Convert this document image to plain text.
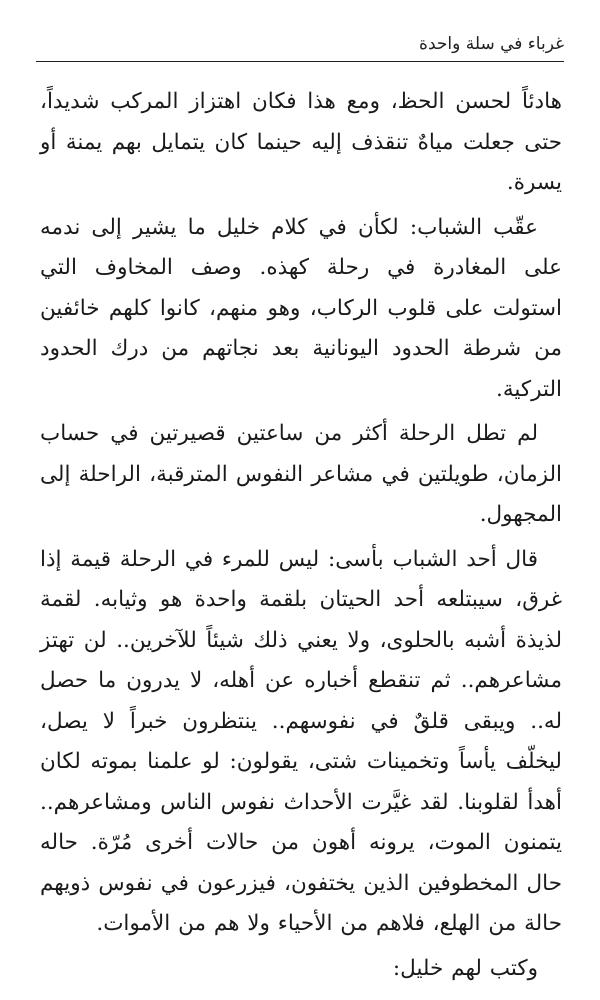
غرباء في سلة واحدة

هادئاً لحسن الحظ، ومع هذا فكان اهتزاز المركب شديداً، حتى جعلت مياهٌ تنقذف إليه حينما كان يتمايل بهم يمنة أو يسرة.

عقّب الشباب: لكأن في كلام خليل ما يشير إلى ندمه على المغادرة في رحلة كهذه. وصف المخاوف التي استولت على قلوب الركاب، وهو منهم، كانوا كلهم خائفين من شرطة الحدود اليونانية بعد نجاتهم من درك الحدود التركية.

لم تطل الرحلة أكثر من ساعتين قصيرتين في حساب الزمان، طويلتين في مشاعر النفوس المترقبة، الراحلة إلى المجهول.

قال أحد الشباب بأسى: ليس للمرء في الرحلة قيمة إذا غرق، سيبتلعه أحد الحيتان بلقمة واحدة هو وثيابه. لقمة لذيذة أشبه بالحلوى، ولا يعني ذلك شيئاً للآخرين.. لن تهتز مشاعرهم.. ثم تنقطع أخباره عن أهله، لا يدرون ما حصل له.. ويبقى قلقٌ في نفوسهم.. ينتظرون خبراً لا يصل، ليخلّف يأساً وتخمينات شتى، يقولون: لو علمنا بموته لكان أهدأ لقلوبنا. لقد غيَّرت الأحداث نفوس الناس ومشاعرهم.. يتمنون الموت، يرونه أهون من حالات أخرى مُرّة. حاله حال المخطوفين الذين يختفون، فيزرعون في نفوس ذويهم حالة من الهلع، فلاهم من الأحياء ولا هم من الأموات.

وكتب لهم خليل:
